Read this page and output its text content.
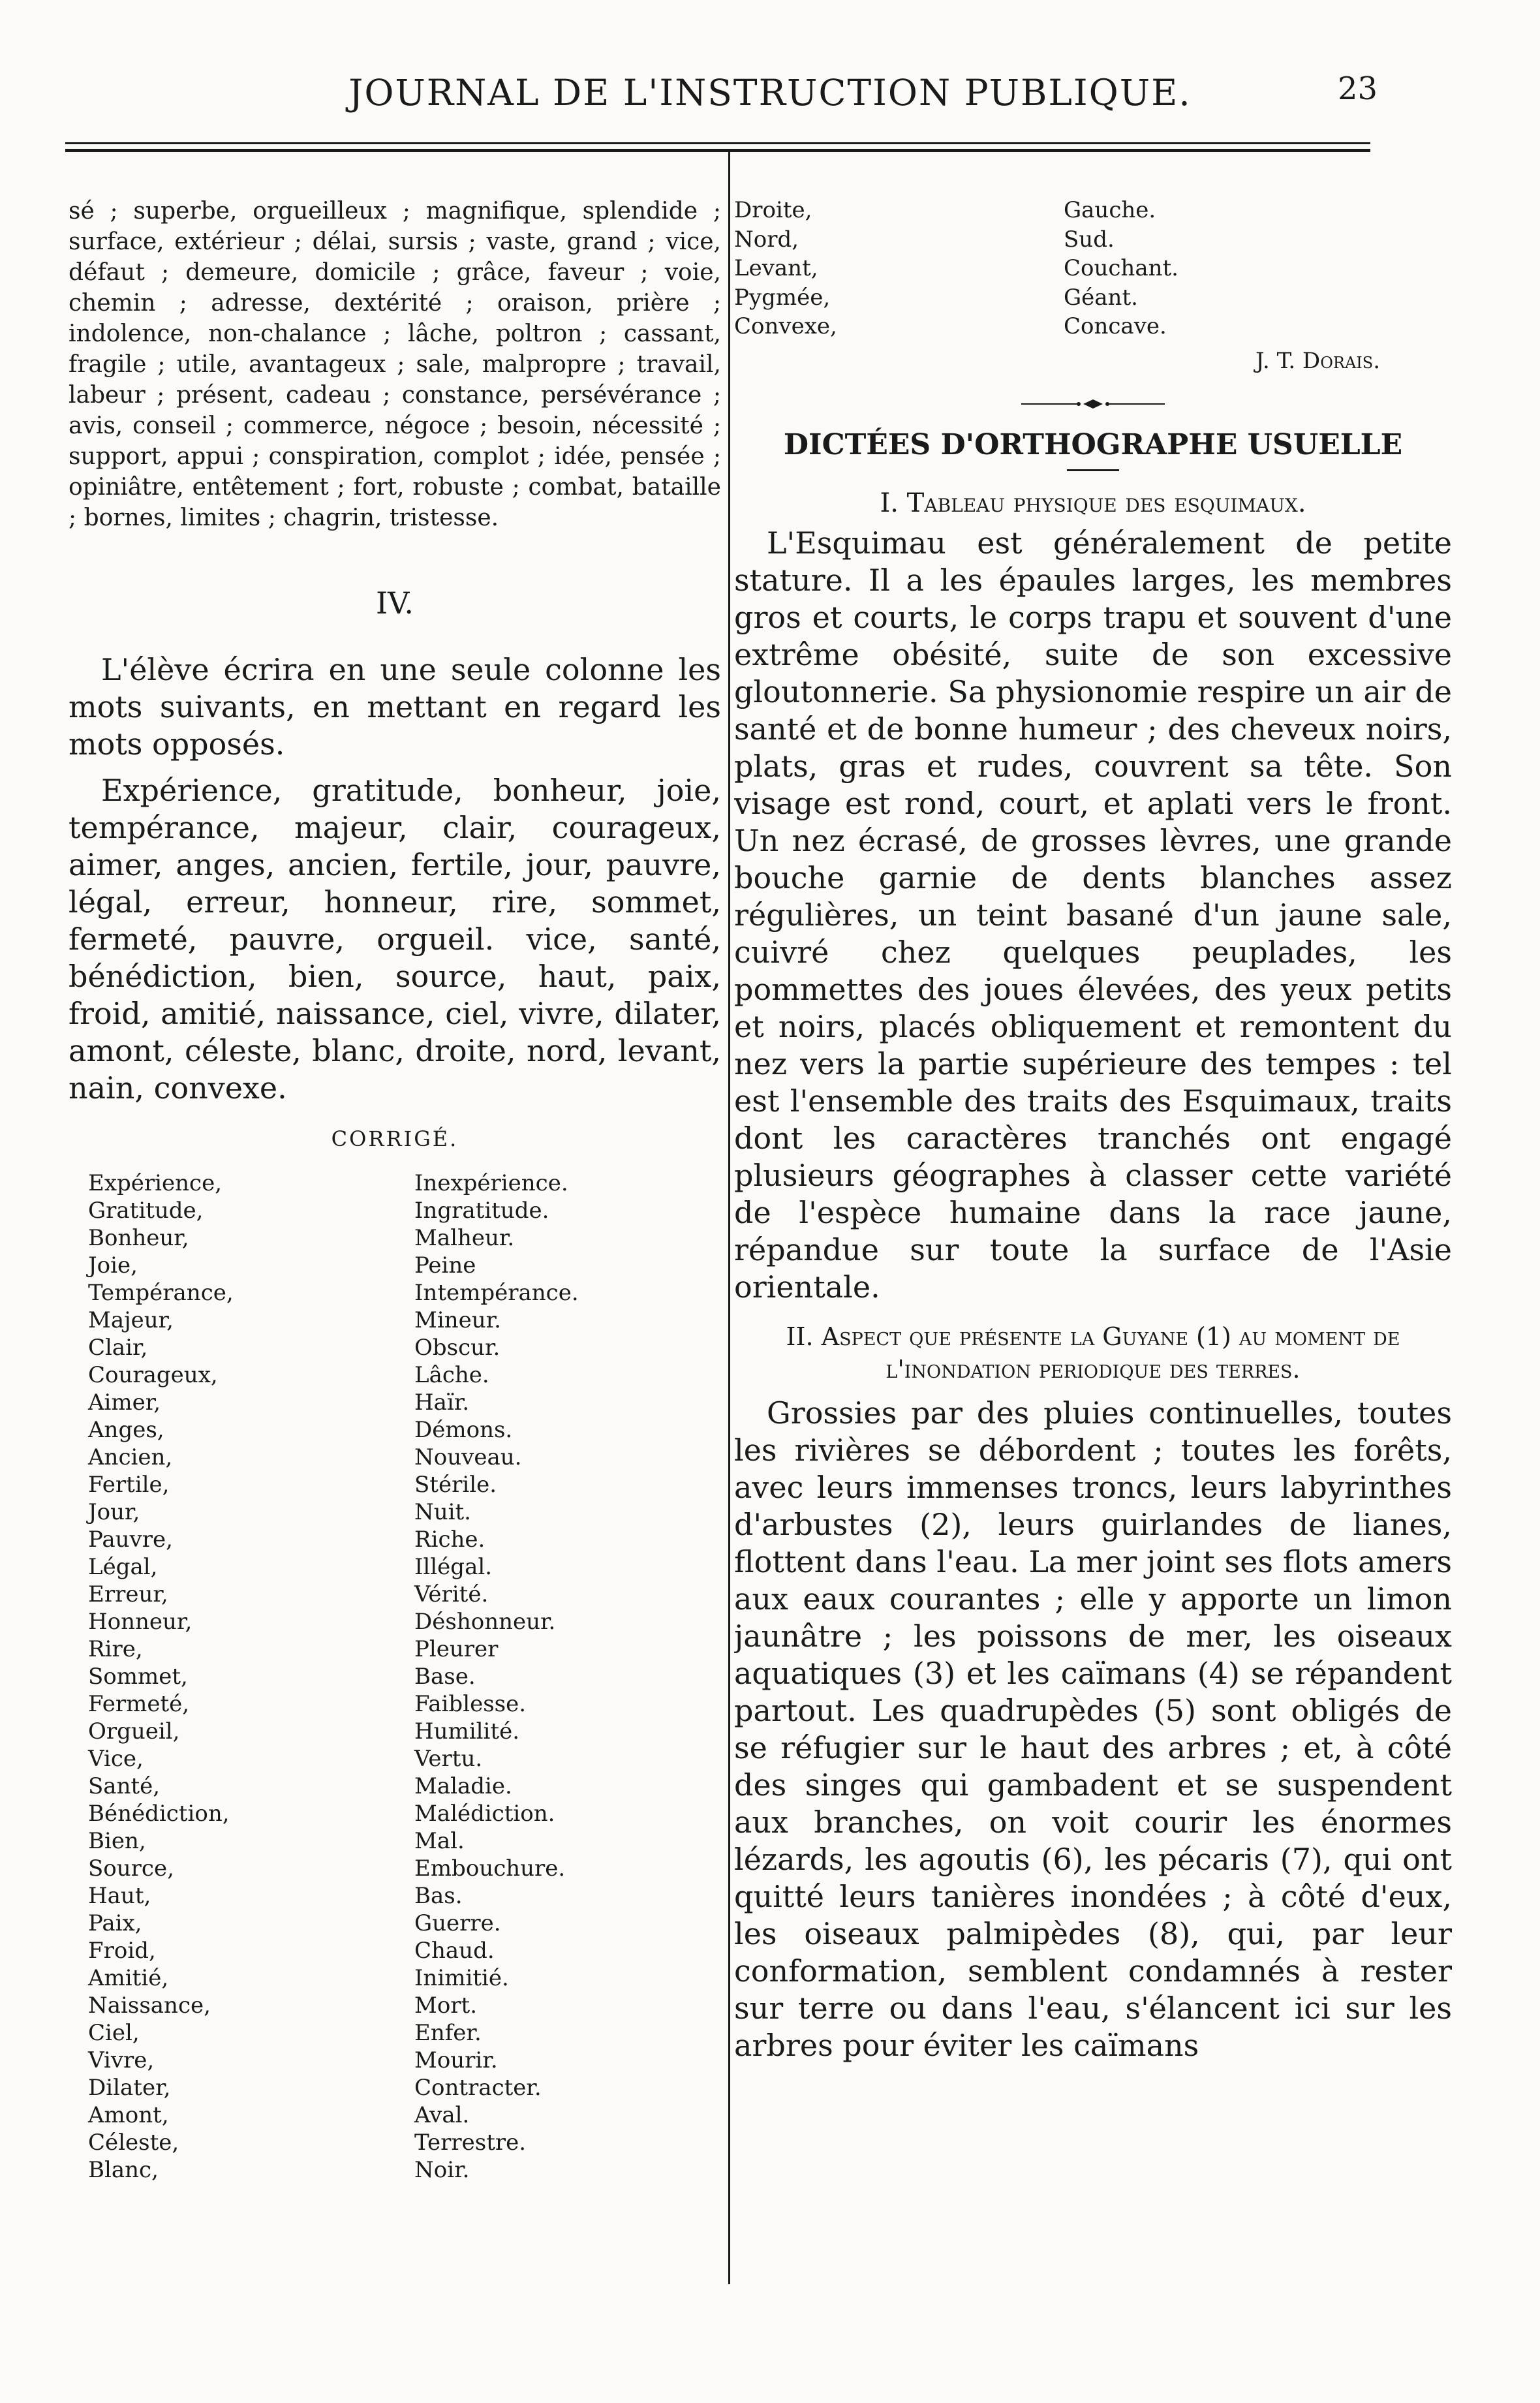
JOURNAL DE L'INSTRUCTION PUBLIQUE.	23

sé ; superbe, orgueilleux ; magnifique, splendide ; surface, extérieur ; délai, sursis ; vaste, grand ; vice, défaut ; demeure, domicile ; grâce, faveur ; voie, chemin ; adresse, dextérité ; oraison, prière ; indolence, non-chalance ; lâche, poltron ; cassant, fragile ; utile, avantageux ; sale, malpropre ; travail, labeur ; présent, cadeau ; constance, persévérance ; avis, conseil ; commerce, négoce ; besoin, nécessité ; support, appui ; conspiration, complot ; idée, pensée ; opiniâtre, entêtement ; fort, robuste ; combat, bataille ; bornes, limites ; chagrin, tristesse.

IV.

L'élève écrira en une seule colonne les mots suivants, en mettant en regard les mots opposés.

Expérience, gratitude, bonheur, joie, tempérance, majeur, clair, courageux, aimer, anges, ancien, fertile, jour, pauvre, légal, erreur, honneur, rire, sommet, fermeté, pauvre, orgueil. vice, santé, bénédiction, bien, source, haut, paix, froid, amitié, naissance, ciel, vivre, dilater, amont, céleste, blanc, droite, nord, levant, nain, convexe.

CORRIGÉ.
Expérience,	Inexpérience.
Gratitude,	Ingratitude.
Bonheur,	Malheur.
Joie,	Peine
Tempérance,	Intempérance.
Majeur,	Mineur.
Clair,	Obscur.
Courageux,	Lâche.
Aimer,	Haïr.
Anges,	Démons.
Ancien,	Nouveau.
Fertile,	Stérile.
Jour,	Nuit.
Pauvre,	Riche.
Légal,	Illégal.
Erreur,	Vérité.
Honneur,	Déshonneur.
Rire,	Pleurer
Sommet,	Base.
Fermeté,	Faiblesse.
Orgueil,	Humilité.
Vice,	Vertu.
Santé,	Maladie.
Bénédiction,	Malédiction.
Bien,	Mal.
Source,	Embouchure.
Haut,	Bas.
Paix,	Guerre.
Froid,	Chaud.
Amitié,	Inimitié.
Naissance,	Mort.
Ciel,	Enfer.
Vivre,	Mourir.
Dilater,	Contracter.
Amont,	Aval.
Céleste,	Terrestre.
Blanc,	Noir.
Droite,	Gauche.
Nord,	Sud.
Levant,	Couchant.
Pygmée,	Géant.
Convexe,	Concave.
J. T. Dorais.
DICTÉES D'ORTHOGRAPHE USUELLE
I. Tableau physique des esquimaux.

L'Esquimau est généralement de petite stature. Il a les épaules larges, les membres gros et courts, le corps trapu et souvent d'une extrême obésité, suite de son excessive gloutonnerie. Sa physionomie respire un air de santé et de bonne humeur ; des cheveux noirs, plats, gras et rudes, couvrent sa tête. Son visage est rond, court, et aplati vers le front. Un nez écrasé, de grosses lèvres, une grande bouche garnie de dents blanches assez régulières, un teint basané d'un jaune sale, cuivré chez quelques peuplades, les pommettes des joues élevées, des yeux petits et noirs, placés obliquement et remontent du nez vers la partie supérieure des tempes : tel est l'ensemble des traits des Esquimaux, traits dont les caractères tranchés ont engagé plusieurs géographes à classer cette variété de l'espèce humaine dans la race jaune, répandue sur toute la surface de l'Asie orientale.

II. Aspect que présente la Guyane (1) au moment de l'inondation periodique des terres.

Grossies par des pluies continuelles, toutes les rivières se débordent ; toutes les forêts, avec leurs immenses troncs, leurs labyrinthes d'arbustes (2), leurs guirlandes de lianes, flottent dans l'eau. La mer joint ses flots amers aux eaux courantes ; elle y apporte un limon jaunâtre ; les poissons de mer, les oiseaux aquatiques (3) et les caïmans (4) se répandent partout. Les quadrupèdes (5) sont obligés de se réfugier sur le haut des arbres ; et, à côté des singes qui gambadent et se suspendent aux branches, on voit courir les énormes lézards, les agoutis (6), les pécaris (7), qui ont quitté leurs tanières inondées ; à côté d'eux, les oiseaux palmipèdes (8), qui, par leur conformation, semblent condamnés à rester sur terre ou dans l'eau, s'élancent ici sur les arbres pour éviter les caïmans
